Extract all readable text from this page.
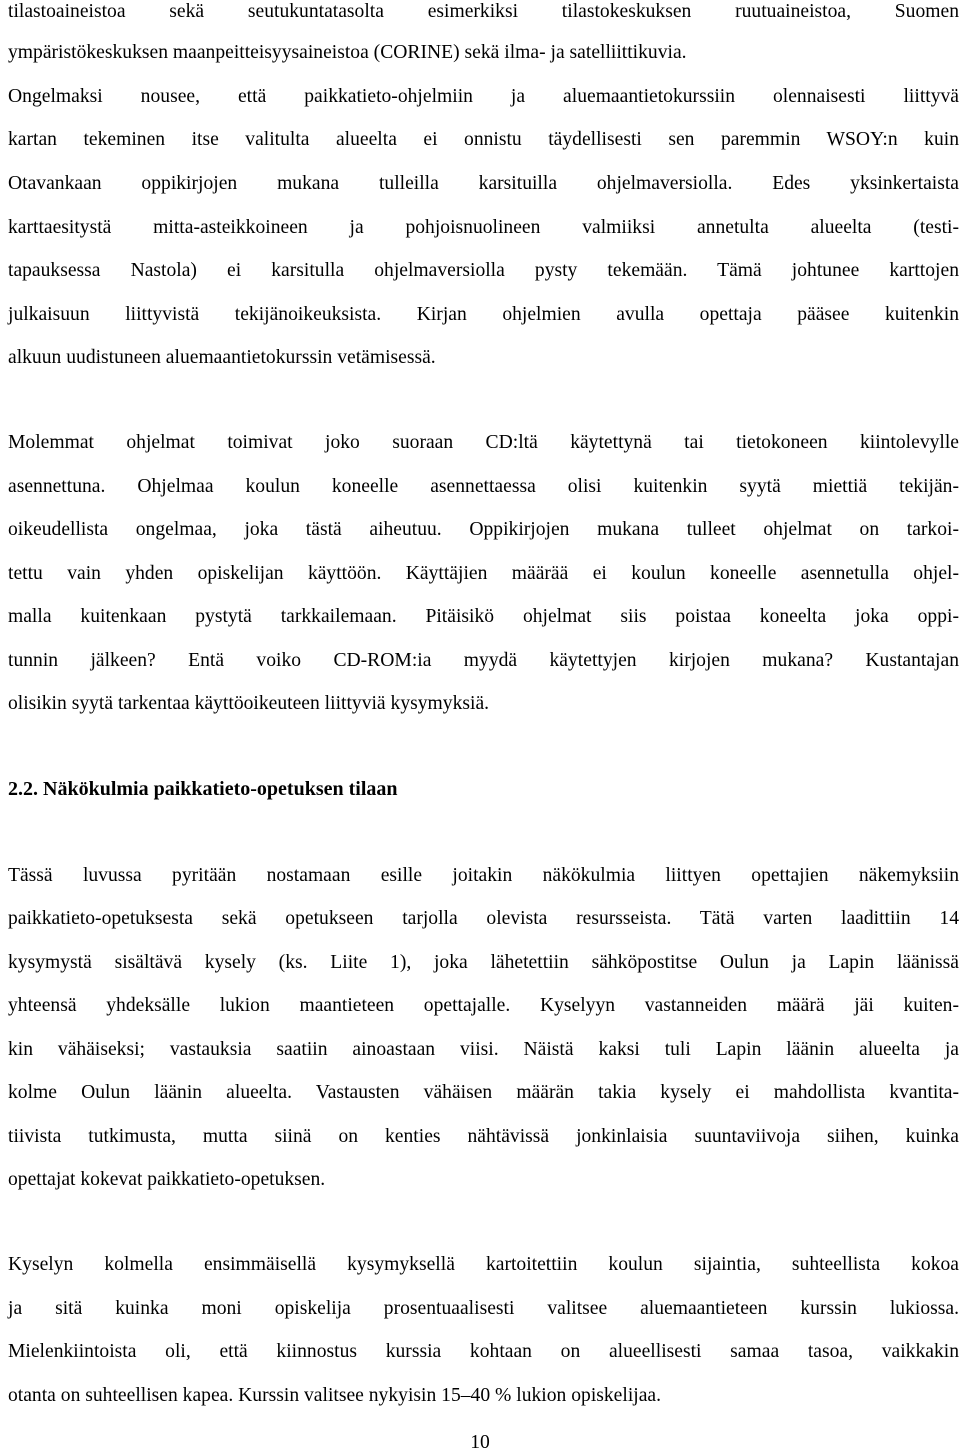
tilastoaineistoa sekä seutukuntatasolta esimerkiksi tilastokeskuksen ruutuaineistoa, Suomen
ympäristökeskuksen maanpeitteisyysaineistoa (CORINE) sekä ilma- ja satelliittikuvia.
Ongelmaksi nousee, että paikkatieto-ohjelmiin ja aluemaantietokurssiin olennaisesti liittyvä
kartan tekeminen itse valitulta alueelta ei onnistu täydellisesti sen paremmin WSOY:n kuin
Otavankaan oppikirjojen mukana tulleilla karsituilla ohjelmaversiolla. Edes yksinkertaista
karttaesitystä mitta-asteikkoineen ja pohjoisnuolineen valmiiksi annetulta alueelta (testi-
tapauksessa Nastola) ei karsitulla ohjelmaversiolla pysty tekemään. Tämä johtunee karttojen
julkaisuun liittyvistä tekijänoikeuksista. Kirjan ohjelmien avulla opettaja pääsee kuitenkin
alkuun uudistuneen aluemaantietokurssin vetämisessä.
Molemmat ohjelmat toimivat joko suoraan CD:ltä käytettynä tai tietokoneen kiintolevylle
asennettuna. Ohjelmaa koulun koneelle asennettaessa olisi kuitenkin syytä miettiä tekijän-
oikeudellista ongelmaa, joka tästä aiheutuu. Oppikirjojen mukana tulleet ohjelmat on tarkoi-
tettu vain yhden opiskelijan käyttöön. Käyttäjien määrää ei koulun koneelle asennetulla ohjel-
malla kuitenkaan pystytä tarkkailemaan. Pitäisikö ohjelmat siis poistaa koneelta joka oppi-
tunnin jälkeen? Entä voiko CD-ROM:ia myydä käytettyjen kirjojen mukana? Kustantajan
olisikin syytä tarkentaa käyttöoikeuteen liittyviä kysymyksiä.
2.2. Näkökulmia paikkatieto-opetuksen tilaan
Tässä luvussa pyritään nostamaan esille joitakin näkökulmia liittyen opettajien näkemyksiin
paikkatieto-opetuksesta sekä opetukseen tarjolla olevista resursseista. Tätä varten laadittiin 14
kysymystä sisältävä kysely (ks. Liite 1), joka lähetettiin sähköpostitse Oulun ja Lapin läänissä
yhteensä yhdeksälle lukion maantieteen opettajalle. Kyselyyn vastanneiden määrä jäi kuiten-
kin vähäiseksi; vastauksia saatiin ainoastaan viisi. Näistä kaksi tuli Lapin läänin alueelta ja
kolme Oulun läänin alueelta. Vastausten vähäisen määrän takia kysely ei mahdollista kvantita-
tiivista tutkimusta, mutta siinä on kenties nähtävissä jonkinlaisia suuntaviivoja siihen, kuinka
opettajat kokevat paikkatieto-opetuksen.
Kyselyn kolmella ensimmäisellä kysymyksellä kartoitettiin koulun sijaintia, suhteellista kokoa
ja sitä kuinka moni opiskelija prosentuaalisesti valitsee aluemaantieteen kurssin lukiossa.
Mielenkiintoista oli, että kiinnostus kurssia kohtaan on alueellisesti samaa tasoa, vaikkakin
otanta on suhteellisen kapea. Kurssin valitsee nykyisin 15–40 % lukion opiskelijaa.
10
